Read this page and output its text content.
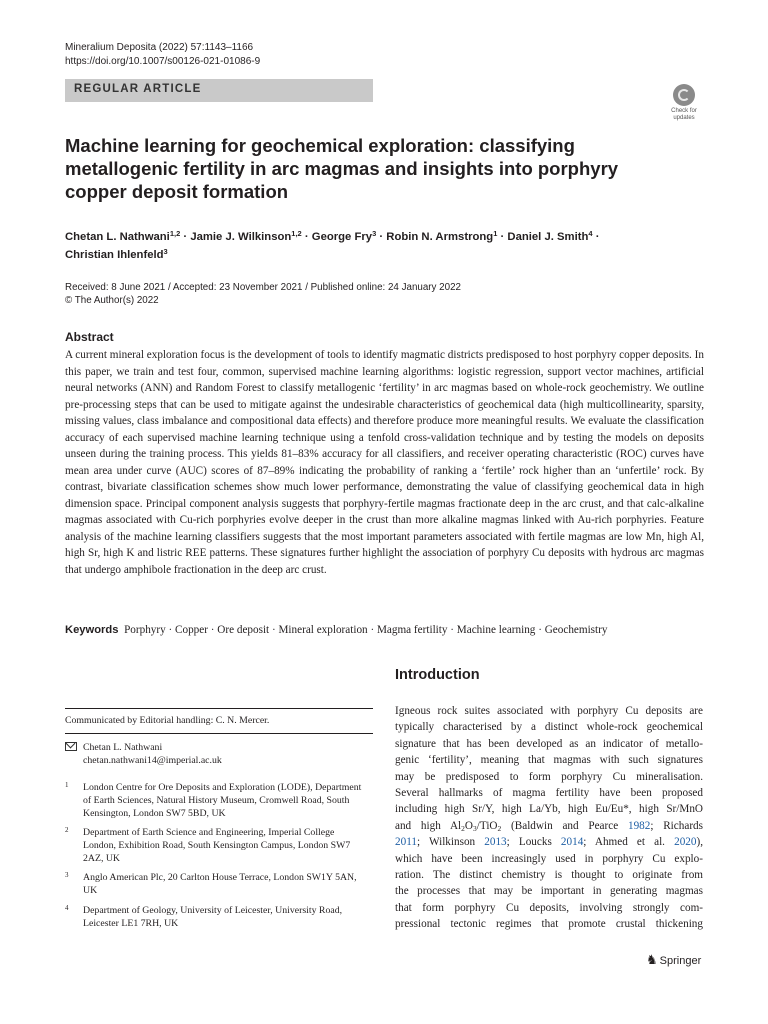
Mineralium Deposita (2022) 57:1143–1166
https://doi.org/10.1007/s00126-021-01086-9
REGULAR ARTICLE
Check for updates
Machine learning for geochemical exploration: classifying metallogenic fertility in arc magmas and insights into porphyry copper deposit formation
Chetan L. Nathwani$^{1,2}$ · Jamie J. Wilkinson$^{1,2}$ · George Fry$^3$ · Robin N. Armstrong$^1$ · Daniel J. Smith$^4$ ·
Christian Ihlenfeld$^3$
Received: 8 June 2021 / Accepted: 23 November 2021 / Published online: 24 January 2022
© The Author(s) 2022
Abstract
A current mineral exploration focus is the development of tools to identify magmatic districts predisposed to host porphyry copper deposits. In this paper, we train and test four, common, supervised machine learning algorithms: logistic regression, support vector machines, artificial neural networks (ANN) and Random Forest to classify metallogenic ‘fertility’ in arc magmas based on whole-rock geochemistry. We outline pre-processing steps that can be used to mitigate against the undesirable characteristics of geochemical data (high multicollinearity, sparsity, missing values, class imbalance and compositional data effects) and therefore produce more meaningful results. We evaluate the classification accuracy of each supervised machine learning technique using a tenfold cross-validation technique and by testing the models on deposits unseen during the training process. This yields 81–83% accuracy for all classifiers, and receiver operating characteristic (ROC) curves have mean area under curve (AUC) scores of 87–89% indicating the probability of ranking a ‘fertile’ rock higher than an ‘unfertile’ rock. By contrast, bivariate classification schemes show much lower performance, demonstrating the value of classifying geochemical data in high dimension space. Principal component analysis suggests that porphyry-fertile magmas fractionate deep in the arc crust, and that calc-alkaline magmas associated with Cu-rich porphyries evolve deeper in the crust than more alkaline magmas linked with Au-rich porphyries. Feature analysis of the machine learning classifiers suggests that the most important parameters associated with fertile magmas are low Mn, high Al, high Sr, high K and listric REE patterns. These signatures further highlight the association of porphyry Cu deposits with hydrous arc magmas that undergo amphibole fractionation in the deep arc crust.
Keywords Porphyry · Copper · Ore deposit · Mineral exploration · Magma fertility · Machine learning · Geochemistry
Introduction
Igneous rock suites associated with porphyry Cu deposits are
typically characterised by a distinct whole-rock geochemical
signature that has been developed as an indicator of metallo-
genic ‘fertility’, meaning that magmas with such signatures
may be predisposed to form porphyry Cu mineralisation.
Several hallmarks of magma fertility have been proposed
including high Sr/Y, high La/Yb, high Eu/Eu*, high Sr/MnO
and high $Al_2O_3/TiO_2$ (Baldwin and Pearce 1982; Richards
2011; Wilkinson 2013; Loucks 2014; Ahmed et al. 2020),
which have been increasingly used in porphyry Cu explo-
ration. The distinct chemistry is thought to originate from
the processes that may be important in generating magmas
that form porphyry Cu deposits, involving strongly com-
pressional tectonic regimes that promote crustal thickening
Communicated by Editorial handling: C. N. Mercer.
Chetan L. Nathwani
chetan.nathwani14@imperial.ac.uk
1 London Centre for Ore Deposits and Exploration (LODE), Department of Earth Sciences, Natural History Museum, Cromwell Road, South Kensington, London SW7 5BD, UK
2 Department of Earth Science and Engineering, Imperial College London, Exhibition Road, South Kensington Campus, London SW7 2AZ, UK
3 Anglo American Plc, 20 Carlton House Terrace, London SW1Y 5AN, UK
4 Department of Geology, University of Leicester, University Road, Leicester LE1 7RH, UK
♞ Springer
